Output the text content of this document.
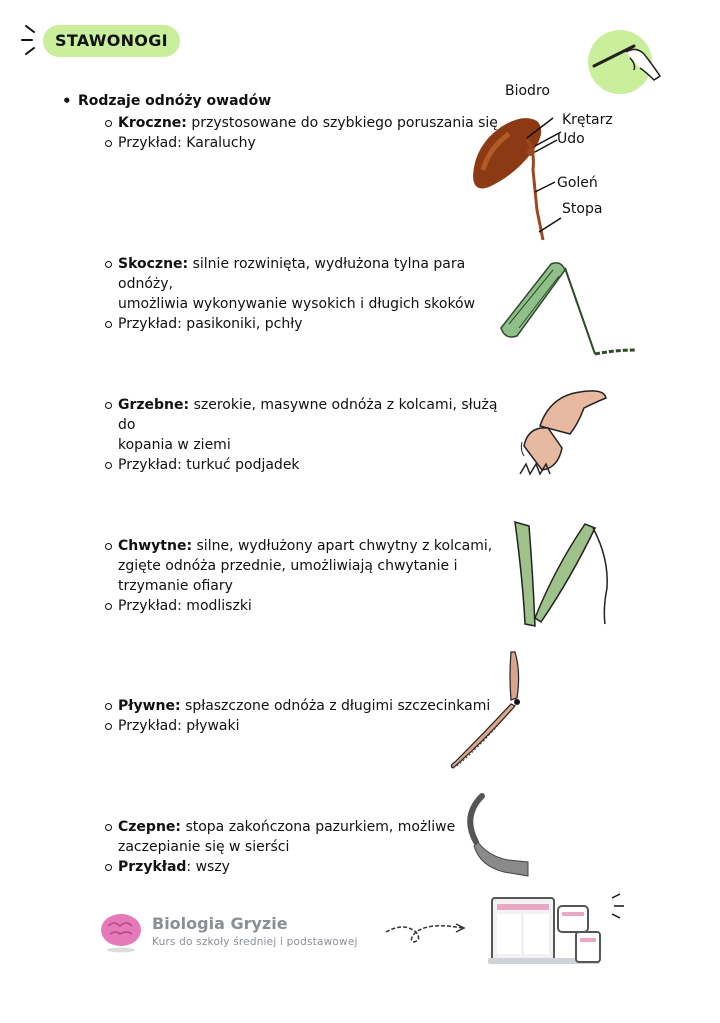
STAWONOGI
• Rodzaje odnóży owadów
Kroczne: przystosowane do szybkiego poruszania się
Przykład: Karaluchy
Skoczne: silnie rozwinięta, wydłużona tylna para odnóży,
umożliwia wykonywanie wysokich i długich skoków
Przykład: pasikoniki, pchły
Grzebne: szerokie, masywne odnóża z kolcami, służą do
kopania w ziemi
Przykład: turkuć podjadek
Chwytne: silne, wydłużony apart chwytny z kolcami,
zgięte odnóża przednie, umożliwiają chwytanie i
trzymanie ofiary
Przykład: modliszki
Pływne: spłaszczone odnóża z długimi szczecinkami
Przykład: pływaki
Czepne: stopa zakończona pazurkiem, możliwe
zaczepianie się w sierści
Przykład: wszy
Biodro
Krętarz
Udo
Goleń
Stopa
Biologia Gryzie
Kurs do szkoły średniej i podstawowej
